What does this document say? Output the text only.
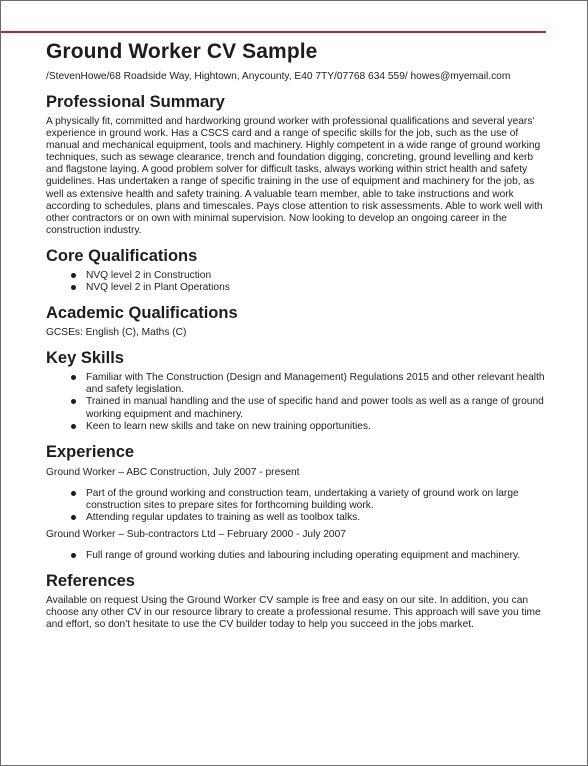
Ground Worker CV Sample
/StevenHowe/68 Roadside Way, Hightown, Anycounty, E40 7TY/07768 634 559/ howes@myemail.com
Professional Summary

A physically fit, committed and hardworking ground worker with professional qualifications and several years' experience in ground work. Has a CSCS card and a range of specific skills for the job, such as the use of manual and mechanical equipment, tools and machinery. Highly competent in a wide range of ground working techniques, such as sewage clearance, trench and foundation digging, concreting, ground levelling and kerb and flagstone laying. A good problem solver for difficult tasks, always working within strict health and safety guidelines. Has undertaken a range of specific training in the use of equipment and machinery for the job, as well as extensive health and safety training. A valuable team member, able to take instructions and work according to schedules, plans and timescales. Pays close attention to risk assessments. Able to work well with other contractors or on own with minimal supervision. Now looking to develop an ongoing career in the construction industry.

Core Qualifications
NVQ level 2 in Construction
NVQ level 2 in Plant Operations
Academic Qualifications

GCSEs: English (C), Maths (C)

Key Skills
Familiar with The Construction (Design and Management) Regulations 2015 and other relevant health and safety legislation.
Trained in manual handling and the use of specific hand and power tools as well as a range of ground working equipment and machinery.
Keen to learn new skills and take on new training opportunities.
Experience
Ground Worker – ABC Construction, July 2007 - present
Part of the ground working and construction team, undertaking a variety of ground work on large construction sites to prepare sites for forthcoming building work.
Attending regular updates to training as well as toolbox talks.
Ground Worker – Sub-contractors Ltd – February 2000 - July 2007
Full range of ground working duties and labouring including operating equipment and machinery.
References

Available on request Using the Ground Worker CV sample is free and easy on our site. In addition, you can choose any other CV in our resource library to create a professional resume. This approach will save you time and effort, so don’t hesitate to use the CV builder today to help you succeed in the jobs market.
